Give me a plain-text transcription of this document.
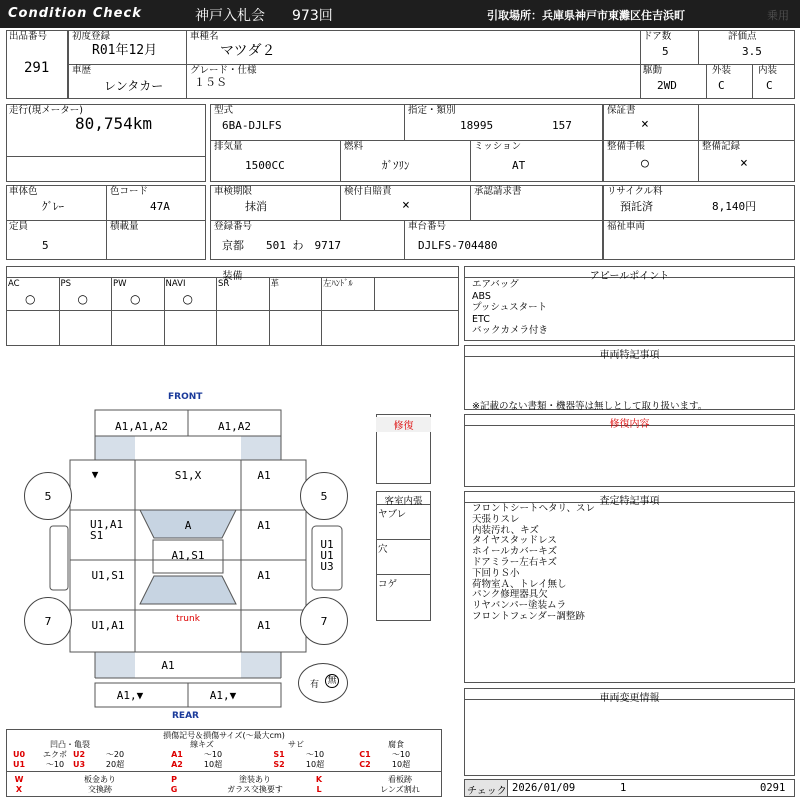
Condition Check	神戸入札会 973回	引取場所：兵庫県神戸市東灘区住吉浜町	乗用
出品番号
291
初度登録
R01年12月
車種名
マツダ２
ドア数
5
評価点
3.5
車歴
レンタカー
グレード・仕様
１５Ｓ
駆動
2WD
外装
C
内装
C
走行(現メーター)
80,754km
型式
6BA-DJLFS
指定・類別
18995	157
排気量
1500CC
燃料
ｶﾞｿﾘﾝ
ミッション
AT
保証書
×
整備手帳
○
整備記録
×
車体色
ｸﾞﾚｰ
色コード
47A
定員
5
積載量
車検期限
抹消
検付自賠責
×
承認請求書
登録番号
京都　　501 わ　9717
車台番号
DJLFS-704480
リサイクル料
預託済	8,140円
福祉車両
装備
AC
○
PS
○
PW
○
NAVI
○
SR	革	左ﾊﾝﾄﾞﾙ
アピールポイント
エアバッグ
ABS
プッシュスタート
ETC
バックカメラ付き
車両特記事項
※記載のない書類・機器等は無しとして取り扱います。
修復内容
査定特記事項
フロントシートヘタリ、スレ
天張りスレ
内装汚れ、キズ
タイヤスタッドレス
ホイールカバーキズ
ドアミラー左右キズ
下回りＳ小
荷物室Ａ、トレイ無し
パンク修理器具欠
リヤバンパー塗装ムラ
フロントフェンダー調整跡
車両変更情報
チェック 2026/01/09	1	0291
FRONT
REAR
A1,A1,A2	A1,A2
▼	S1,X	A1
U1,A1
S1
A	A1
A1,S1
U1,S1	A1
U1
U1
U3
trunk
U1,A1	A1
A1
A1,▼	A1,▼
5	5
7	7
有 無
修復
客室内張
ヤブレ
穴
コゲ
損傷記号＆損傷サイズ(〜最大cm)
凹凸・亀裂	線キズ	サビ	腐食
U0	エクボ U2	〜20	A1	〜10	S1	〜10	C1	〜10
U1	〜10	U3	20超	A2	10超	S2	10超	C2	10超
W	板金あり	P	塗装あり	K	看板跡
X	交換跡	G	ガラス交換要す	L	レンズ割れ
